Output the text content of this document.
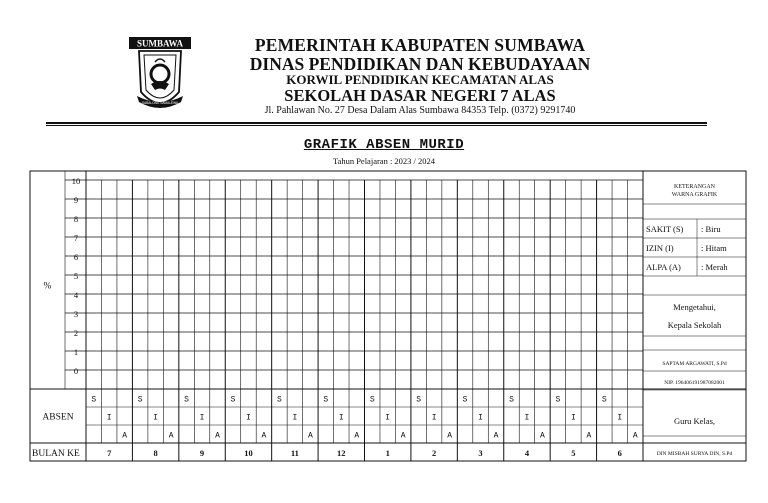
SUMBAWA
SABALONG SAMALEWA
PEMERINTAH KABUPATEN SUMBAWA
DINAS PENDIDIKAN DAN KEBUDAYAAN
KORWIL PENDIDIKAN KECAMATAN ALAS
SEKOLAH DASAR NEGERI 7 ALAS
Jl. Pahlawan No. 27 Desa Dalam Alas Sumbawa 84353 Telp. (0372) 9291740
GRAFIK ABSEN MURID
Tahun Pelajaran : 2023 / 2024
10
9
8
7
6
5
4
3
2
1
0
%
S
I
A
7
S
I
A
8
S
I
A
9
S
I
A
10
S
I
A
11
S
I
A
12
S
I
A
1
S
I
A
2
S
I
A
3
S
I
A
4
S
I
A
5
S
I
A
6
ABSEN
BULAN KE
KETERANGAN
WARNA GRAFIK
SAKIT (S) : Biru
IZIN (I)	: Hitam
ALPA (A) : Merah
Mengetahui,
Kepala Sekolah
SAPTAM ARGAWATI, S.Pd
NIP. 196406191987082001
Guru Kelas,
DIN MISBAH SURYA DIN, S.Pd
